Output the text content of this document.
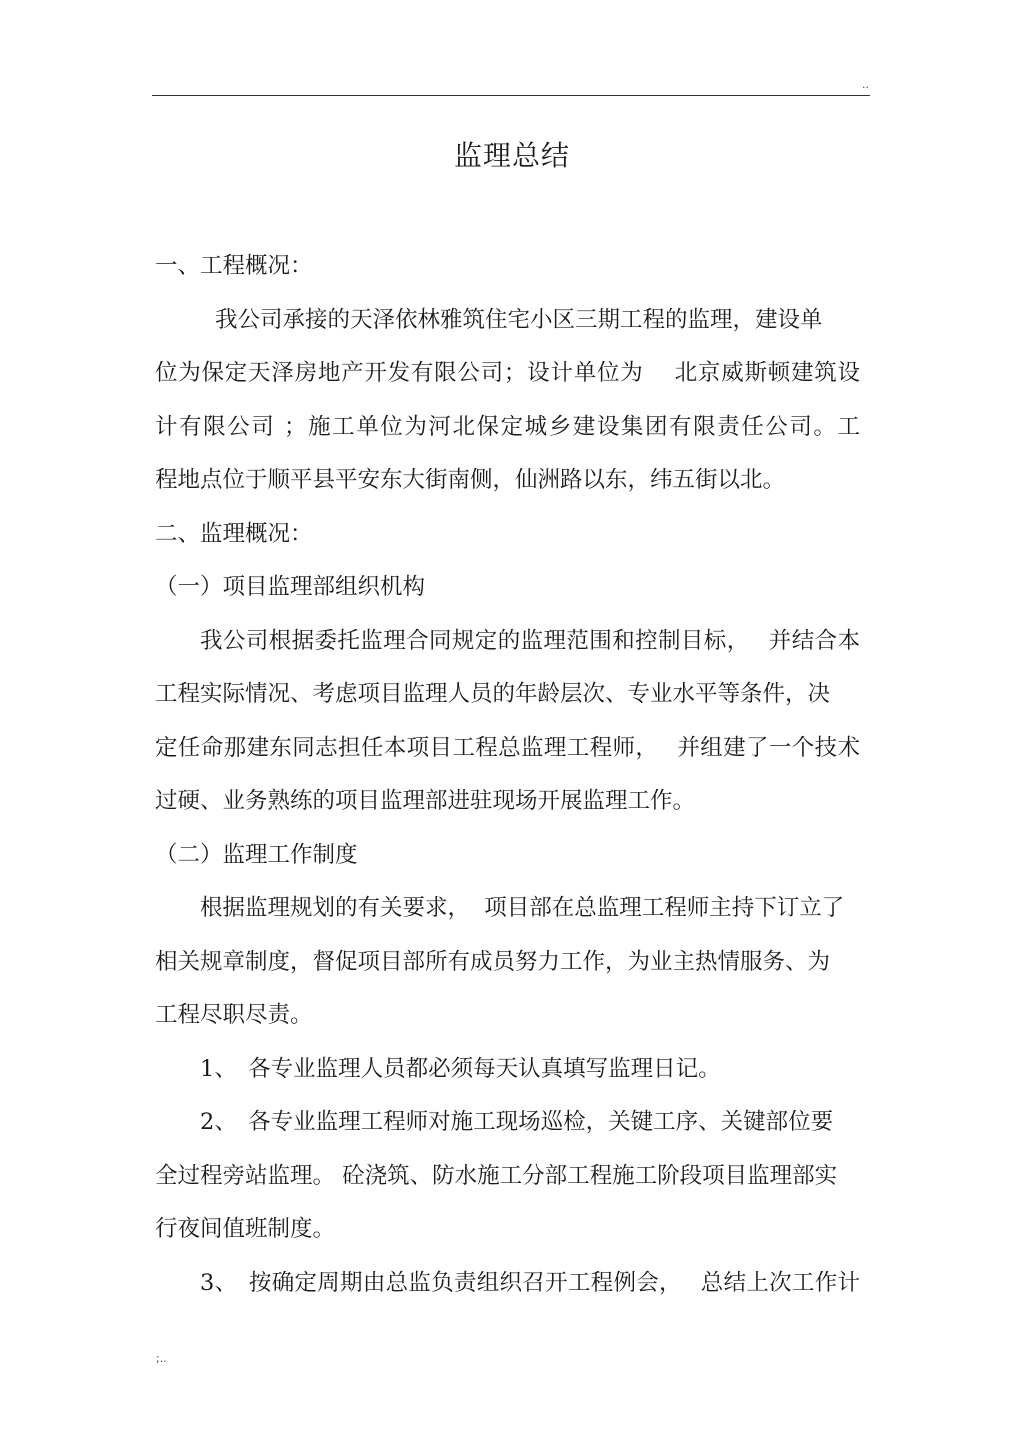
..
监理总结

一、工程概况：

我公司承接的天泽依林雅筑住宅小区三期工程的监理，建设单

位为保定天泽房地产开发有限公司；设计单位为　 北京威斯顿建筑设

计有限公司 ；施工单位为河北保定城乡建设集团有限责任公司。工

程地点位于顺平县平安东大街南侧，仙洲路以东，纬五街以北。

二、监理概况：

（一）项目监理部组织机构

我公司根据委托监理合同规定的监理范围和控制目标，　 并结合本

工程实际情况、考虑项目监理人员的年龄层次、专业水平等条件，决

定任命那建东同志担任本项目工程总监理工程师，　 并组建了一个技术

过硬、业务熟练的项目监理部进驻现场开展监理工作。

（二）监理工作制度

根据监理规划的有关要求，  项目部在总监理工程师主持下订立了

相关规章制度，督促项目部所有成员努力工作，为业主热情服务、为

工程尽职尽责。

1、　各专业监理人员都必须每天认真填写监理日记。

2、　各专业监理工程师对施工现场巡检，关键工序、关键部位要

全过程旁站监理。 砼浇筑、防水施工分部工程施工阶段项目监理部实

行夜间值班制度。

3、　按确定周期由总监负责组织召开工程例会，　 总结上次工作计

;..
